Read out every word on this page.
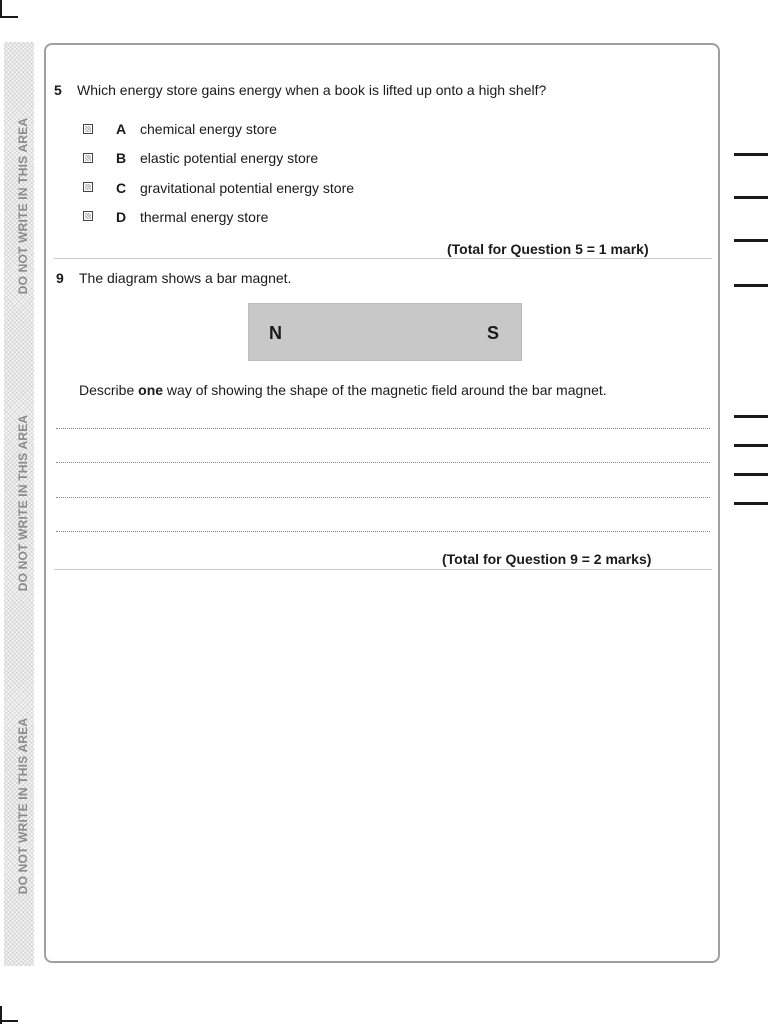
DO NOT WRITE IN THIS AREA
DO NOT WRITE IN THIS AREA
DO NOT WRITE IN THIS AREA
5 Which energy store gains energy when a book is lifted up onto a high shelf?
A chemical energy store
B elastic potential energy store
C gravitational potential energy store
D thermal energy store
(Total for Question 5 = 1 mark)
9 The diagram shows a bar magnet.
N	S
Describe one way of showing the shape of the magnetic field around the bar magnet.
(Total for Question 9 = 2 marks)
